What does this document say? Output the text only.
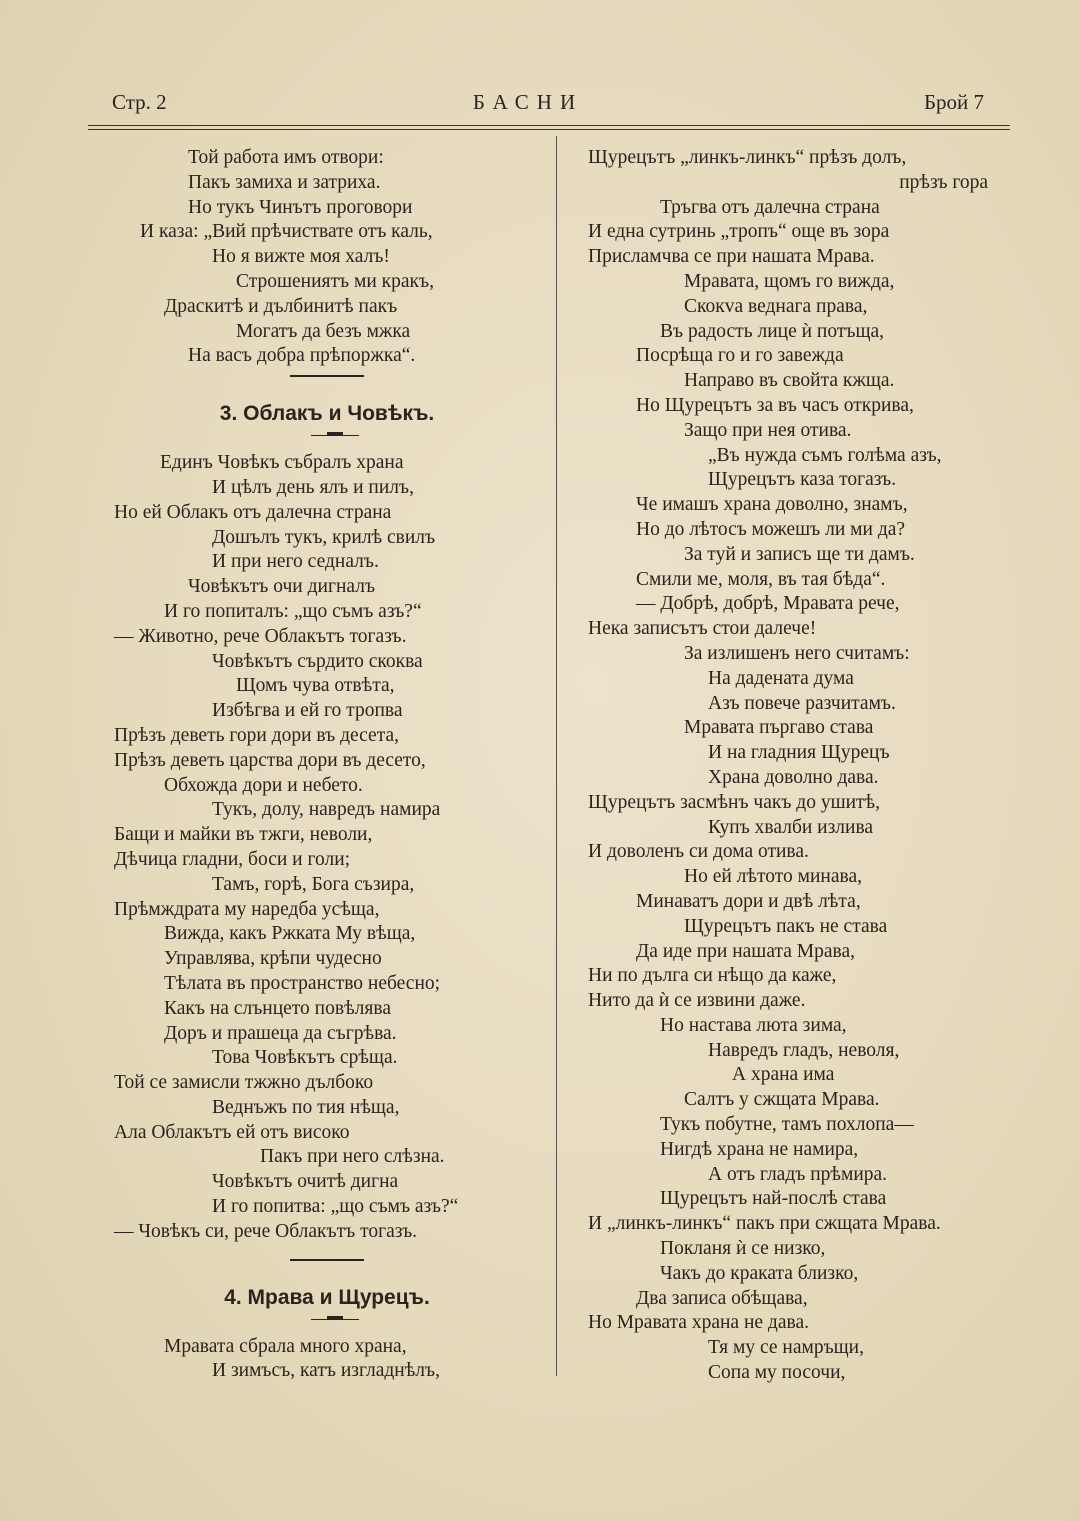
Стр. 2	БАСНИ	Брой 7
Той работа имъ отвори:
Пакъ замиха и затриха.
Но тукъ Чинътъ проговори
И каза: „Вий прѣчиствате отъ каль,
Но я вижте моя халъ!
Строшениятъ ми кракъ,
Драскитѣ и дълбинитѣ пакъ
Могатъ да безъ мжка
На васъ добра прѣпоржка“.
3. Облакъ и Човѣкъ.
Единъ Човѣкъ събралъ храна
И цѣлъ день ялъ и пилъ,
Но ей Облакъ отъ далечна страна
Дошълъ тукъ, крилѣ свилъ
И при него седналъ.
Човѣкътъ очи дигналъ
И го попиталъ: „що съмъ азъ?“
— Животно, рече Облакътъ тогазъ.
Човѣкътъ сърдито скоква
Щомъ чува отвѣта,
Избѣгва и ей го тропва
Прѣзъ деветь гори дори въ десета,
Прѣзъ деветь царства дори въ десето,
Обхожда дори и небето.
Тукъ, долу, навредъ намира
Бащи и майки въ тжги, неволи,
Дѣчица гладни, боси и голи;
Тамъ, горѣ, Бога съзира,
Прѣмждрата му наредба усѣща,
Вижда, какъ Ржката Му вѣща,
Управлява, крѣпи чудесно
Тѣлата въ пространство небесно;
Какъ на слънцето повѣлява
Доръ и прашеца да съгрѣва.
Това Човѣкътъ срѣща.
Той се замисли тжжно дълбоко
Веднъжъ по тия нѣща,
Ала Облакътъ ей отъ високо
Пакъ при него слѣзна.
Човѣкътъ очитѣ дигна
И го попитва: „що съмъ азъ?“
— Човѣкъ си, рече Облакътъ тогазъ.
4. Мрава и Щурецъ.
Мравата сбрала много храна,
И зимъсъ, катъ изгладнѣлъ,
Щурецътъ „линкъ-линкъ“ прѣзъ долъ,
прѣзъ гора
Тръгва отъ далечна страна
И една сутринь „тропъ“ още въ зора
Присламчва се при нашата Мрава.
Мравата, щомъ го вижда,
Скокva веднага права,
Въ радость лице ѝ потъща,
Посрѣща го и го завежда
Направо въ свойта кжща.
Но Щурецътъ за въ часъ открива,
Защо при нея отива.
„Въ нужда съмъ голѣма азъ,
Щурецътъ каза тогазъ.
Че имашъ храна доволно, знамъ,
Но до лѣтосъ можешъ ли ми да?
За туй и записъ ще ти дамъ.
Смили ме, моля, въ тая бѣда“.
— Добрѣ, добрѣ, Мравата рече,
Нека записътъ стои далече!
За излишенъ него считамъ:
На дадената дума
Азъ повече разчитамъ.
Мравата пъргаво става
И на гладния Щурецъ
Храна доволно дава.
Щурецътъ засмѣнъ чакъ до ушитѣ,
Купъ хвалби излива
И доволенъ си дома отива.
Но ей лѣтото минава,
Минаватъ дори и двѣ лѣта,
Щурецътъ пакъ не става
Да иде при нашата Мрава,
Ни по дълга си нѣщо да каже,
Нито да ѝ се извини даже.
Но настава люта зима,
Навредъ гладъ, неволя,
А храна има
Салтъ у сжщата Мрава.
Тукъ побутне, тамъ похлопа—
Нигдѣ храна не намира,
А отъ гладъ прѣмира.
Щурецътъ най-послѣ става
И „линкъ-линкъ“ пакъ при сжщата Мрава.
Покланя ѝ се низко,
Чакъ до краката близко,
Два записа обѣщава,
Но Мравата храна не дава.
Тя му се намръщи,
Сопа му посочи,
